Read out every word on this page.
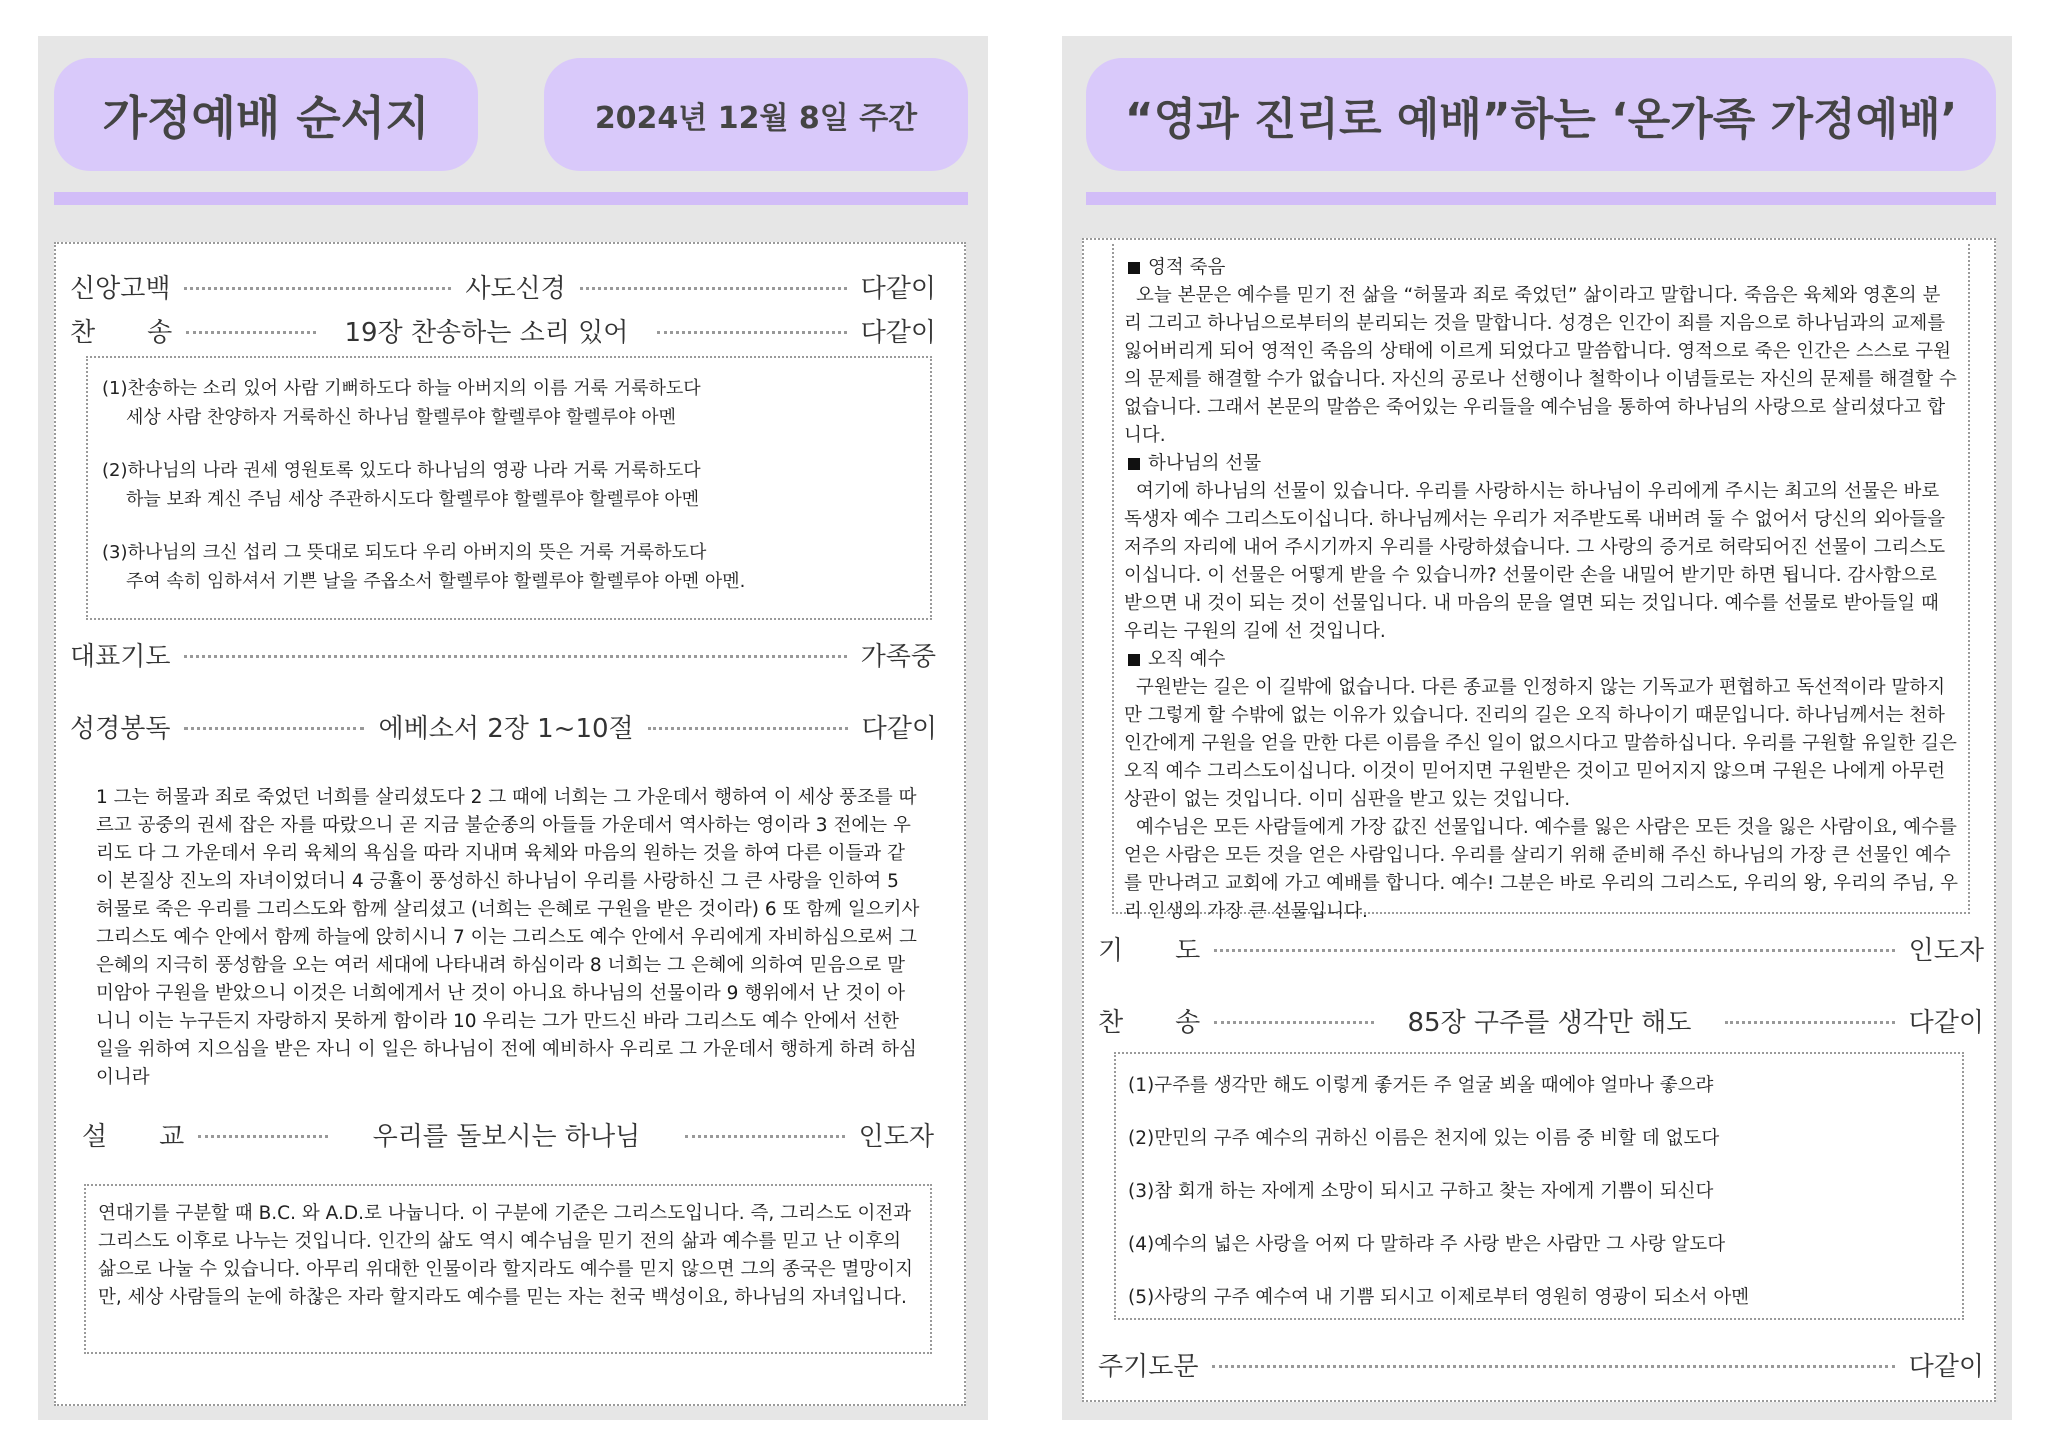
가정예배 순서지	2024년 12월 8일 주간
신앙고백	사도신경	다같이
찬　　송	19장 찬송하는 소리 있어	다같이
(1)찬송하는 소리 있어 사람 기뻐하도다 하늘 아버지의 이름 거룩 거룩하도다
세상 사람 찬양하자 거룩하신 하나님 할렐루야 할렐루야 할렐루야 아멘
(2)하나님의 나라 권세 영원토록 있도다 하나님의 영광 나라 거룩 거룩하도다
하늘 보좌 계신 주님 세상 주관하시도다 할렐루야 할렐루야 할렐루야 아멘
(3)하나님의 크신 섭리 그 뜻대로 되도다 우리 아버지의 뜻은 거룩 거룩하도다
주여 속히 임하셔서 기쁜 날을 주옵소서 할렐루야 할렐루야 할렐루야 아멘 아멘.
대표기도	가족중
성경봉독	에베소서 2장 1~10절	다같이

1 그는 허물과 죄로 죽었던 너희를 살리셨도다 2 그 때에 너희는 그 가운데서 행하여 이 세상 풍조를 따르고 공중의 권세 잡은 자를 따랐으니 곧 지금 불순종의 아들들 가운데서 역사하는 영이라 3 전에는 우리도 다 그 가운데서 우리 육체의 욕심을 따라 지내며 육체와 마음의 원하는 것을 하여 다른 이들과 같이 본질상 진노의 자녀이었더니 4 긍휼이 풍성하신 하나님이 우리를 사랑하신 그 큰 사랑을 인하여 5 허물로 죽은 우리를 그리스도와 함께 살리셨고 (너희는 은혜로 구원을 받은 것이라) 6 또 함께 일으키사 그리스도 예수 안에서 함께 하늘에 앉히시니 7 이는 그리스도 예수 안에서 우리에게 자비하심으로써 그 은혜의 지극히 풍성함을 오는 여러 세대에 나타내려 하심이라 8 너희는 그 은혜에 의하여 믿음으로 말미암아 구원을 받았으니 이것은 너희에게서 난 것이 아니요 하나님의 선물이라 9 행위에서 난 것이 아니니 이는 누구든지 자랑하지 못하게 함이라 10 우리는 그가 만드신 바라 그리스도 예수 안에서 선한 일을 위하여 지으심을 받은 자니 이 일은 하나님이 전에 예비하사 우리로 그 가운데서 행하게 하려 하심이니라

설　　교	우리를 돌보시는 하나님	인도자

연대기를 구분할 때 B.C. 와 A.D.로 나눕니다. 이 구분에 기준은 그리스도입니다. 즉, 그리스도 이전과 그리스도 이후로 나누는 것입니다. 인간의 삶도 역시 예수님을 믿기 전의 삶과 예수를 믿고 난 이후의 삶으로 나눌 수 있습니다. 아무리 위대한 인물이라 할지라도 예수를 믿지 않으면 그의 종국은 멸망이지만, 세상 사람들의 눈에 하찮은 자라 할지라도 예수를 믿는 자는 천국 백성이요, 하나님의 자녀입니다.

“영과 진리로 예배”하는 ‘온가족 가정예배’

영적 죽음

오늘 본문은 예수를 믿기 전 삶을 “허물과 죄로 죽었던” 삶이라고 말합니다. 죽음은 육체와 영혼의 분리 그리고 하나님으로부터의 분리되는 것을 말합니다. 성경은 인간이 죄를 지음으로 하나님과의 교제를 잃어버리게 되어 영적인 죽음의 상태에 이르게 되었다고 말씀합니다. 영적으로 죽은 인간은 스스로 구원의 문제를 해결할 수가 없습니다. 자신의 공로나 선행이나 철학이나 이념들로는 자신의 문제를 해결할 수 없습니다. 그래서 본문의 말씀은 죽어있는 우리들을 예수님을 통하여 하나님의 사랑으로 살리셨다고 합니다.

하나님의 선물

여기에 하나님의 선물이 있습니다. 우리를 사랑하시는 하나님이 우리에게 주시는 최고의 선물은 바로 독생자 예수 그리스도이십니다. 하나님께서는 우리가 저주받도록 내버려 둘 수 없어서 당신의 외아들을 저주의 자리에 내어 주시기까지 우리를 사랑하셨습니다. 그 사랑의 증거로 허락되어진 선물이 그리스도이십니다. 이 선물은 어떻게 받을 수 있습니까? 선물이란 손을 내밀어 받기만 하면 됩니다. 감사함으로 받으면 내 것이 되는 것이 선물입니다. 내 마음의 문을 열면 되는 것입니다. 예수를 선물로 받아들일 때 우리는 구원의 길에 선 것입니다.

오직 예수

구원받는 길은 이 길밖에 없습니다. 다른 종교를 인정하지 않는 기독교가 편협하고 독선적이라 말하지만 그렇게 할 수밖에 없는 이유가 있습니다. 진리의 길은 오직 하나이기 때문입니다. 하나님께서는 천하 인간에게 구원을 얻을 만한 다른 이름을 주신 일이 없으시다고 말씀하십니다. 우리를 구원할 유일한 길은 오직 예수 그리스도이십니다. 이것이 믿어지면 구원받은 것이고 믿어지지 않으며 구원은 나에게 아무런 상관이 없는 것입니다. 이미 심판을 받고 있는 것입니다.

예수님은 모든 사람들에게 가장 값진 선물입니다. 예수를 잃은 사람은 모든 것을 잃은 사람이요, 예수를 얻은 사람은 모든 것을 얻은 사람입니다. 우리를 살리기 위해 준비해 주신 하나님의 가장 큰 선물인 예수를 만나려고 교회에 가고 예배를 합니다. 예수! 그분은 바로 우리의 그리스도, 우리의 왕, 우리의 주님, 우리 인생의 가장 큰 선물입니다.

기　　도	인도자
찬　　송	85장 구주를 생각만 해도	다같이

(1)구주를 생각만 해도 이렇게 좋거든 주 얼굴 뵈올 때에야 얼마나 좋으랴

(2)만민의 구주 예수의 귀하신 이름은 천지에 있는 이름 중 비할 데 없도다

(3)참 회개 하는 자에게 소망이 되시고 구하고 찾는 자에게 기쁨이 되신다

(4)예수의 넓은 사랑을 어찌 다 말하랴 주 사랑 받은 사람만 그 사랑 알도다

(5)사랑의 구주 예수여 내 기쁨 되시고 이제로부터 영원히 영광이 되소서 아멘

주기도문	다같이
